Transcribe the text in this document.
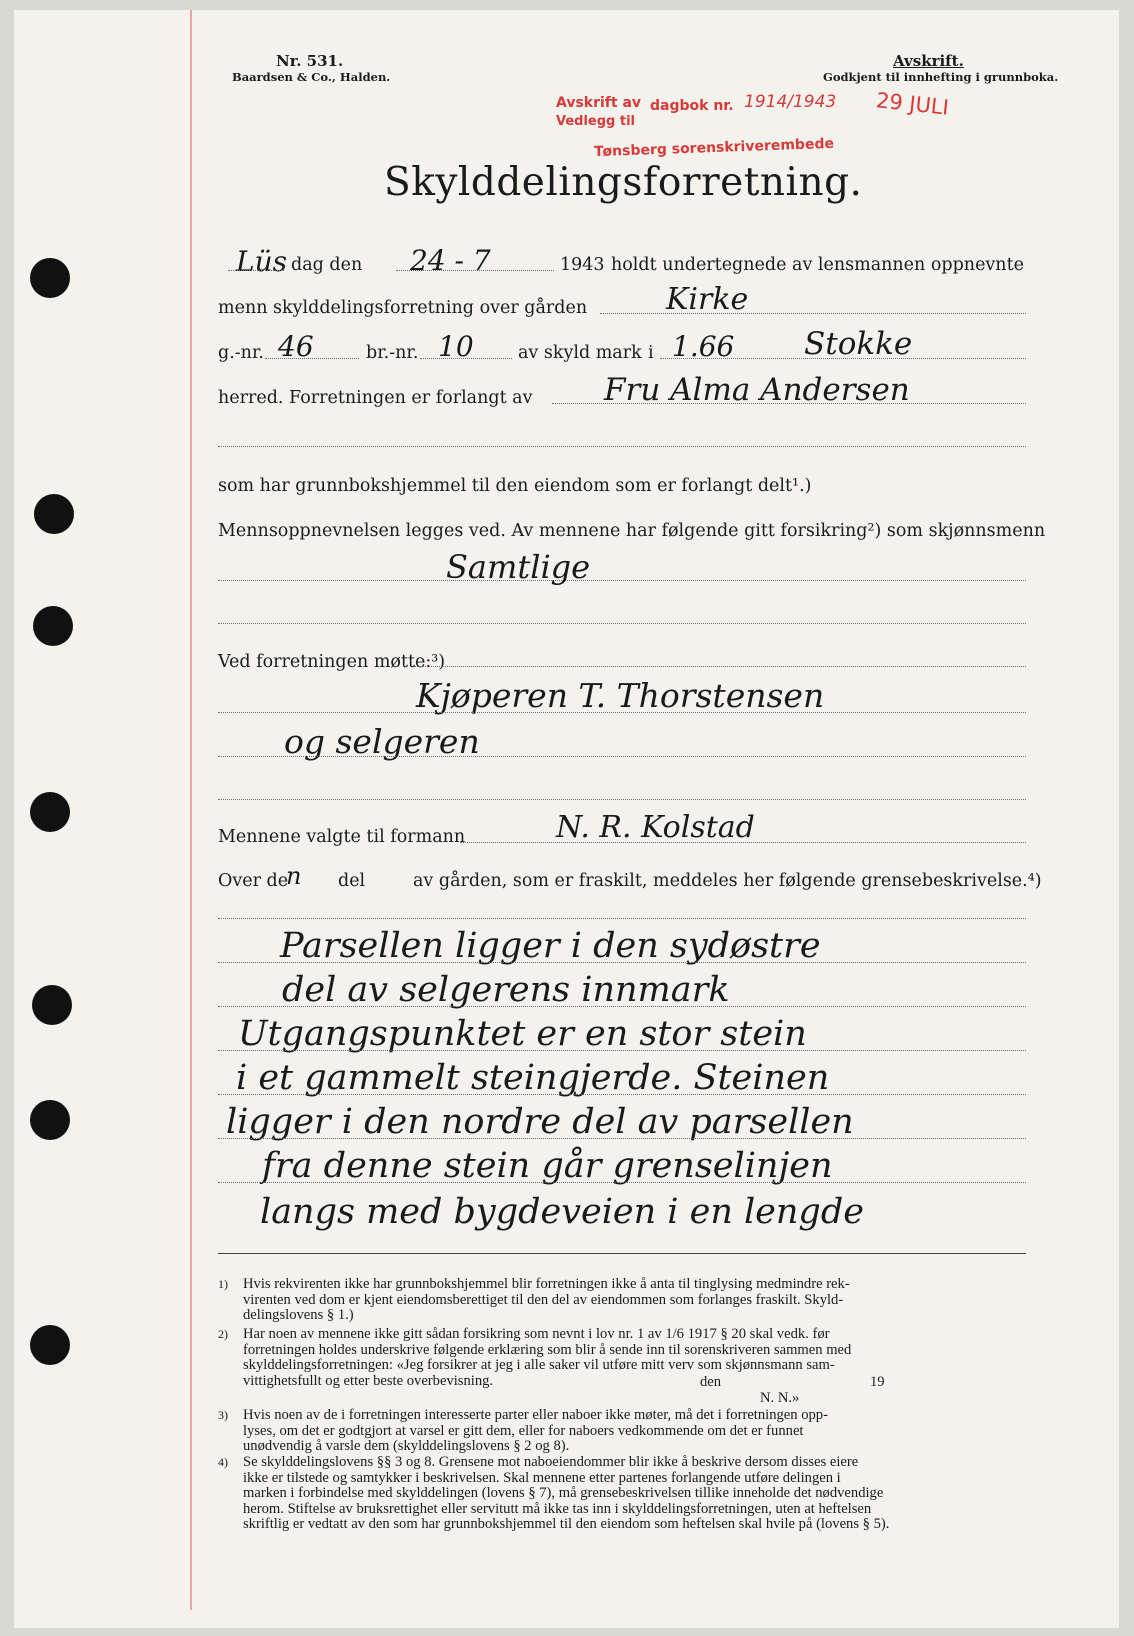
Nr. 531.
Baardsen & Co., Halden.
Avskrift.
Godkjent til innhefting i grunnboka.
Avskrift av dagbok nr. 1914/1943 29 JULI
Vedlegg til
Tønsberg sorenskriverembede
Skylddelingsforretning.
Lüs dag den 24 - 7	1943 holdt undertegnede av lensmannen oppnevnte
menn skylddelingsforretning over gården	Kirke
g.-nr. 46	br.-nr. 10	av skyld mark i 1.66 Stokke
herred. Forretningen er forlangt av Fru Alma Andersen
som har grunnbokshjemmel til den eiendom som er forlangt delt¹.)
Mennsoppnevnelsen legges ved. Av mennene har følgende gitt forsikring²) som skjønnsmenn
Samtlige
Ved forretningen møtte:³)
Kjøperen T. Thorstensen
og selgeren
Mennene valgte til formann	N. R. Kolstad
Over de
n del	av gården, som er fraskilt, meddeles her følgende grensebeskrivelse.⁴)
Parsellen ligger i den sydøstre
del av selgerens innmark
Utgangspunktet er en stor stein
i et gammelt steingjerde. Steinen
ligger i den nordre del av parsellen
fra denne stein går grenselinjen
langs med bygdeveien i en lengde
1) Hvis rekvirenten ikke har grunnbokshjemmel blir forretningen ikke å anta til tinglysing medmindre rek-
virenten ved dom er kjent eiendomsberettiget til den del av eiendommen som forlanges fraskilt. Skyld-
delingslovens § 1.)
2) Har noen av mennene ikke gitt sådan forsikring som nevnt i lov nr. 1 av 1/6 1917 § 20 skal vedk. før
forretningen holdes underskrive følgende erklæring som blir å sende inn til sorenskriveren sammen med
skylddelingsforretningen: «Jeg forsikrer at jeg i alle saker vil utføre mitt verv som skjønnsmann sam-
vittighetsfullt og etter beste overbevisning.	den	19
N. N.»
3) Hvis noen av de i forretningen interesserte parter eller naboer ikke møter, må det i forretningen opp-
lyses, om det er godtgjort at varsel er gitt dem, eller for naboers vedkommende om det er funnet
unødvendig å varsle dem (skylddelingslovens § 2 og 8).
4) Se skylddelingslovens §§ 3 og 8. Grensene mot naboeiendommer blir ikke å beskrive dersom disses eiere
ikke er tilstede og samtykker i beskrivelsen. Skal mennene etter partenes forlangende utføre delingen i
marken i forbindelse med skylddelingen (lovens § 7), må grensebeskrivelsen tillike inneholde det nødvendige
herom. Stiftelse av bruksrettighet eller servitutt må ikke tas inn i skylddelingsforretningen, uten at heftelsen
skriftlig er vedtatt av den som har grunnbokshjemmel til den eiendom som heftelsen skal hvile på (lovens § 5).
